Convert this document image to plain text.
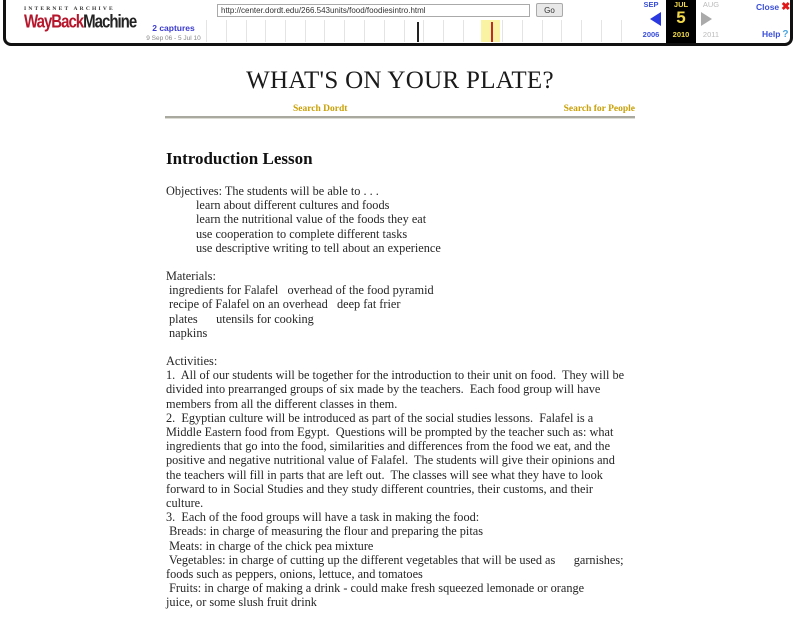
INTERNET ARCHIVE
WayBack Machine	2 captures
9 Sep 06 - 5 Jul 10
http://center.dordt.edu/266.543units/food/foodiesintro.html	Go
SEP
2006
JUL
5
2010
AUG
2011
Close ✖
Help ?
WHAT'S ON YOUR PLATE?
Search Dordt	Search for People
Introduction Lesson
Objectives: The students will be able to . . .
learn about different cultures and foods
learn the nutritional value of the foods they eat
use cooperation to complete different tasks
use descriptive writing to tell about an experience
Materials:
ingredients for Falafel   overhead of the food pyramid
recipe of Falafel on an overhead   deep fat frier
plates      utensils for cooking
napkins
Activities:
1.  All of our students will be together for the introduction to their unit on food.  They will be
divided into prearranged groups of six made by the teachers.  Each food group will have
members from all the different classes in them.
2.  Egyptian culture will be introduced as part of the social studies lessons.  Falafel is a
Middle Eastern food from Egypt.  Questions will be prompted by the teacher such as: what
ingredients that go into the food, similarities and differences from the food we eat, and the
positive and negative nutritional value of Falafel.  The students will give their opinions and
the teachers will fill in parts that are left out.  The classes will see what they have to look
forward to in Social Studies and they study different countries, their customs, and their
culture.
3.  Each of the food groups will have a task in making the food:
Breads: in charge of measuring the flour and preparing the pitas
Meats: in charge of the chick pea mixture
Vegetables: in charge of cutting up the different vegetables that will be used as      garnishes;
foods such as peppers, onions, lettuce, and tomatoes
Fruits: in charge of making a drink - could make fresh squeezed lemonade or orange
juice, or some slush fruit drink
